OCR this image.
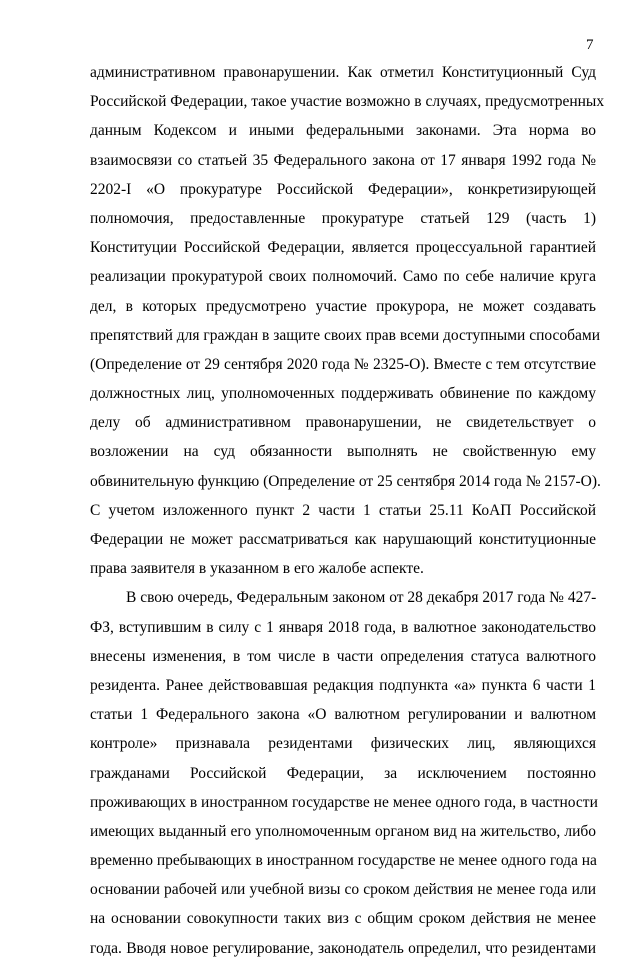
7
административном правонарушении. Как отметил Конституционный Суд
Российской Федерации, такое участие возможно в случаях, предусмотренных
данным Кодексом и иными федеральными законами. Эта норма во
взаимосвязи со статьей 35 Федерального закона от 17 января 1992 года №
2202-I «О прокуратуре Российской Федерации», конкретизирующей
полномочия, предоставленные прокуратуре статьей 129 (часть 1)
Конституции Российской Федерации, является процессуальной гарантией
реализации прокуратурой своих полномочий. Само по себе наличие круга
дел, в которых предусмотрено участие прокурора, не может создавать
препятствий для граждан в защите своих прав всеми доступными способами
(Определение от 29 сентября 2020 года № 2325-О). Вместе с тем отсутствие
должностных лиц, уполномоченных поддерживать обвинение по каждому
делу об административном правонарушении, не свидетельствует о
возложении на суд обязанности выполнять не свойственную ему
обвинительную функцию (Определение от 25 сентября 2014 года № 2157-О).
С учетом изложенного пункт 2 части 1 статьи 25.11 КоАП Российской
Федерации не может рассматриваться как нарушающий конституционные
права заявителя в указанном в его жалобе аспекте.
В свою очередь, Федеральным законом от 28 декабря 2017 года № 427-
ФЗ, вступившим в силу с 1 января 2018 года, в валютное законодательство
внесены изменения, в том числе в части определения статуса валютного
резидента. Ранее действовавшая редакция подпункта «а» пункта 6 части 1
статьи 1 Федерального закона «О валютном регулировании и валютном
контроле» признавала резидентами физических лиц, являющихся
гражданами Российской Федерации, за исключением постоянно
проживающих в иностранном государстве не менее одного года, в частности
имеющих выданный его уполномоченным органом вид на жительство, либо
временно пребывающих в иностранном государстве не менее одного года на
основании рабочей или учебной визы со сроком действия не менее года или
на основании совокупности таких виз с общим сроком действия не менее
года. Вводя новое регулирование, законодатель определил, что резидентами
